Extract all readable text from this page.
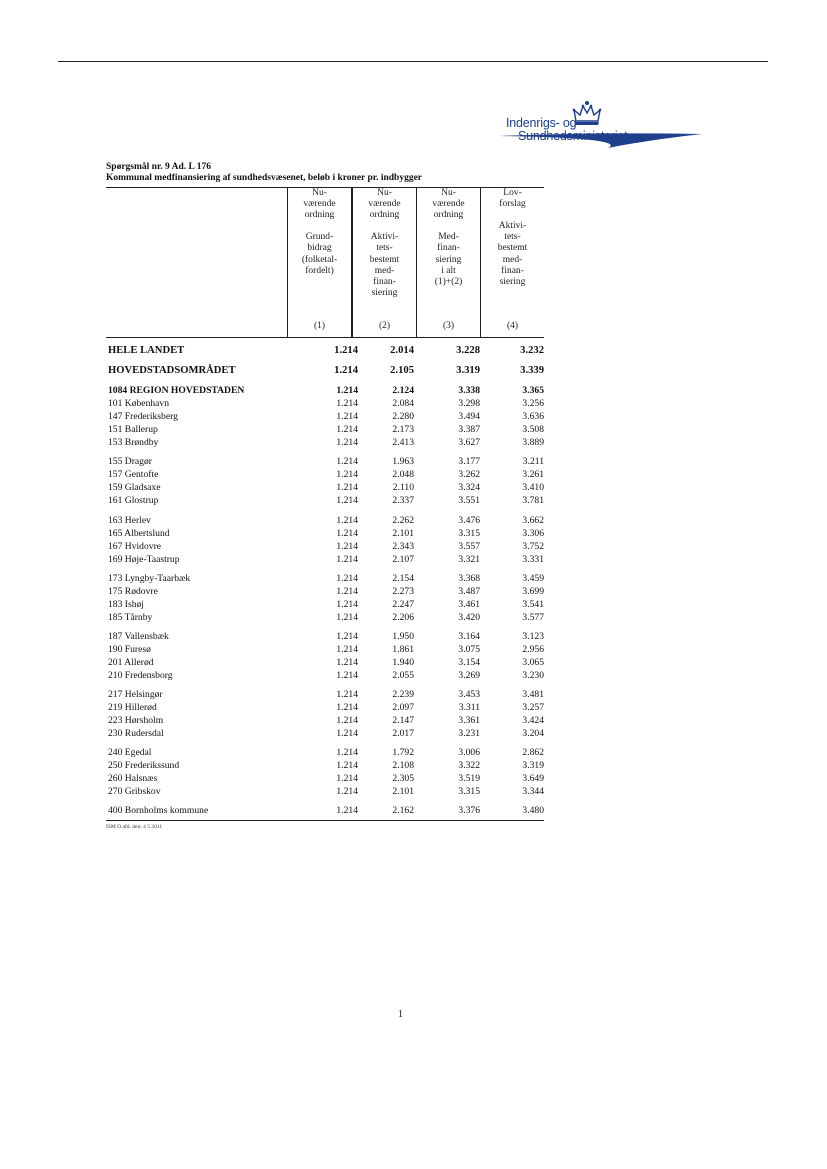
Indenrigs- og
Spørgsmål nr. 9 Ad. L 176
Kommunal medfinansiering af sundhedsvæsenet, beløb i kroner pr. indbygger
Nu-
værende
ordning

Grund-
bidrag
(folketal-
fordelt)
(1)
Nu-
værende
ordning

Aktivi-
tets-
bestemt
med-
finan-
siering
(2)
Nu-
værende
ordning

Med-
finan-
siering
i alt
(1)+(2)
(3)
Lov-
forslag

Aktivi-
tets-
bestemt
med-
finan-
siering
(4)
HELE LANDET	1.214	2.014	3.228	3.232
HOVEDSTADSOMRÅDET	1.214	2.105	3.319	3.339
1084 REGION HOVEDSTADEN	1.214	2.124	3.338	3.365
101 København	1.214	2.084	3.298	3.256
147 Frederiksberg	1.214	2.280	3.494	3.636
151 Ballerup	1.214	2.173	3.387	3.508
153 Brøndby	1.214	2.413	3.627	3.889
155 Dragør	1.214	1.963	3.177	3.211
157 Gentofte	1.214	2.048	3.262	3.261
159 Gladsaxe	1.214	2.110	3.324	3.410
161 Glostrup	1.214	2.337	3.551	3.781
163 Herlev	1.214	2.262	3.476	3.662
165 Albertslund	1.214	2.101	3.315	3.306
167 Hvidovre	1.214	2.343	3.557	3.752
169 Høje-Taastrup	1.214	2.107	3.321	3.331
173 Lyngby-Taarbæk	1.214	2.154	3.368	3.459
175 Rødovre	1.214	2.273	3.487	3.699
183 Ishøj	1.214	2.247	3.461	3.541
185 Tårnby	1.214	2.206	3.420	3.577
187 Vallensbæk	1.214	1.950	3.164	3.123
190 Furesø	1.214	1.861	3.075	2.956
201 Allerød	1.214	1.940	3.154	3.065
210 Fredensborg	1.214	2.055	3.269	3.230
217 Helsingør	1.214	2.239	3.453	3.481
219 Hillerød	1.214	2.097	3.311	3.257
223 Hørsholm	1.214	2.147	3.361	3.424
230 Rudersdal	1.214	2.017	3.231	3.204
240 Egedal	1.214	1.792	3.006	2.862
250 Frederikssund	1.214	2.108	3.322	3.319
260 Halsnæs	1.214	2.305	3.519	3.649
270 Gribskov	1.214	2.101	3.315	3.344
400 Bornholms kommune	1.214	2.162	3.376	3.480
ISM O.afd. den: 4 5 2011
1
